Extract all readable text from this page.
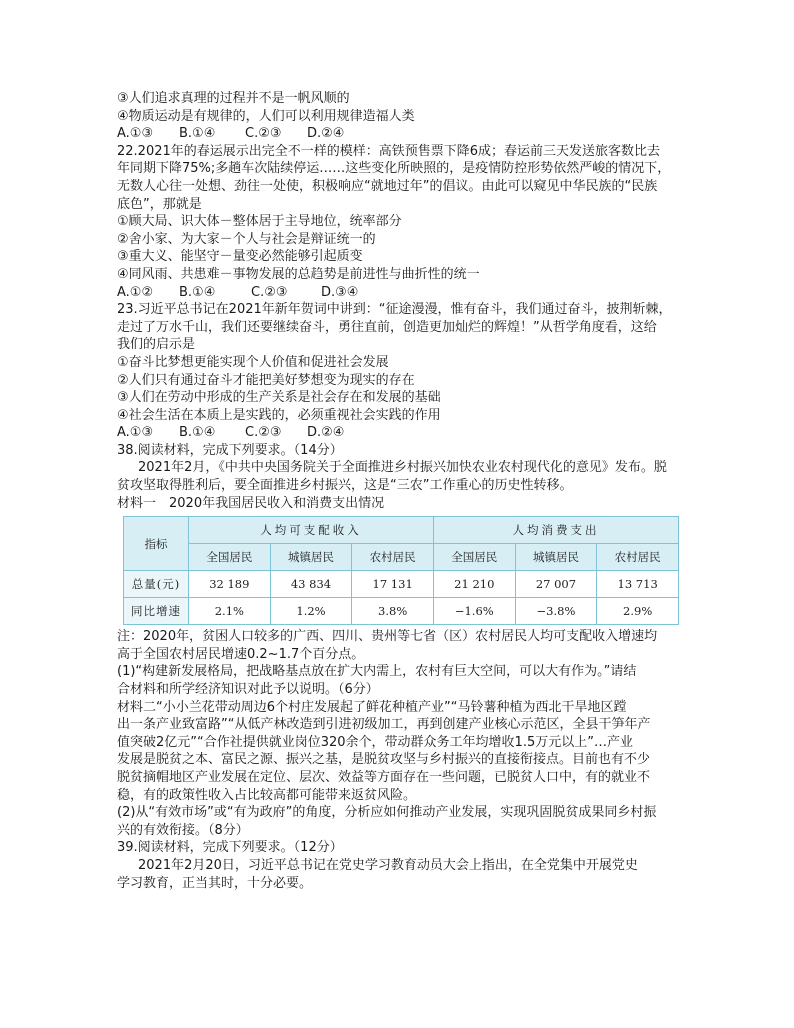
③人们追求真理的过程并不是一帆风顺的
④物质运动是有规律的，人们可以利用规律造福人类
A.①③ B.①④ C.②③ D.②④
22.2021年的春运展示出完全不一样的模样：高铁预售票下降6成；春运前三天发送旅客数比去
年同期下降75%;多趟车次陆续停运……这些变化所映照的，是疫情防控形势依然严峻的情况下，
无数人心往一处想、劲往一处使，积极响应“就地过年”的倡议。由此可以窥见中华民族的“民族
底色”，那就是
①顾大局、识大体－整体居于主导地位，统率部分
②舍小家、为大家－个人与社会是辩证统一的
③重大义、能坚守－量变必然能够引起质变
④同风雨、共患难－事物发展的总趋势是前进性与曲折性的统一
A.①② B.①④	C.②③	D.③④
23.习近平总书记在2021年新年贺词中讲到：“征途漫漫，惟有奋斗，我们通过奋斗，披荆斩棘，
走过了万水千山，我们还要继续奋斗，勇往直前，创造更加灿烂的辉煌！”从哲学角度看，这给
我们的启示是
①奋斗比梦想更能实现个人价值和促进社会发展
②人们只有通过奋斗才能把美好梦想变为现实的存在
③人们在劳动中形成的生产关系是社会存在和发展的基础
④社会生活在本质上是实践的，必须重视社会实践的作用
A.①③ B.①④ C.②③ D.②④
38.阅读材料，完成下列要求。（14分）
2021年2月，《中共中央国务院关于全面推进乡村振兴加快农业农村现代化的意见》发布。脱
贫攻坚取得胜利后，要全面推进乡村振兴，这是“三农”工作重心的历史性转移。
材料一　2020年我国居民收入和消费支出情况
指标	人均可支配收入			人均消费支出		
	全国居民	城镇居民	农村居民	全国居民	城镇居民	农村居民
总量(元)	32 189	43 834	17 131	21 210	27 007	13 713
同比增速	2.1%	1.2%	3.8%	−1.6%	−3.8%	2.9%
注：2020年，贫困人口较多的广西、四川、贵州等七省（区）农村居民人均可支配收入增速均
高于全国农村居民增速0.2~1.7个百分点。
(1)“构建新发展格局，把战略基点放在扩大内需上，农村有巨大空间，可以大有作为。”请结
合材料和所学经济知识对此予以说明。（6分）
材料二“小小兰花带动周边6个村庄发展起了鲜花种植产业”“马铃薯种植为西北干旱地区蹚
出一条产业致富路”“从低产林改造到引进初级加工，再到创建产业核心示范区，全县干笋年产
值突破2亿元”“合作社提供就业岗位320余个，带动群众务工年均增收1.5万元以上”…产业
发展是脱贫之本、富民之源、振兴之基，是脱贫攻坚与乡村振兴的直接衔接点。目前也有不少
脱贫摘帽地区产业发展在定位、层次、效益等方面存在一些问题，已脱贫人口中，有的就业不
稳，有的政策性收入占比较高都可能带来返贫风险。
(2)从“有效市场”或“有为政府”的角度，分析应如何推动产业发展，实现巩固脱贫成果同乡村振
兴的有效衔接。（8分）
39.阅读材料，完成下列要求。（12分）
2021年2月20日，习近平总书记在党史学习教育动员大会上指出，在全党集中开展党史
学习教育，正当其时，十分必要。
